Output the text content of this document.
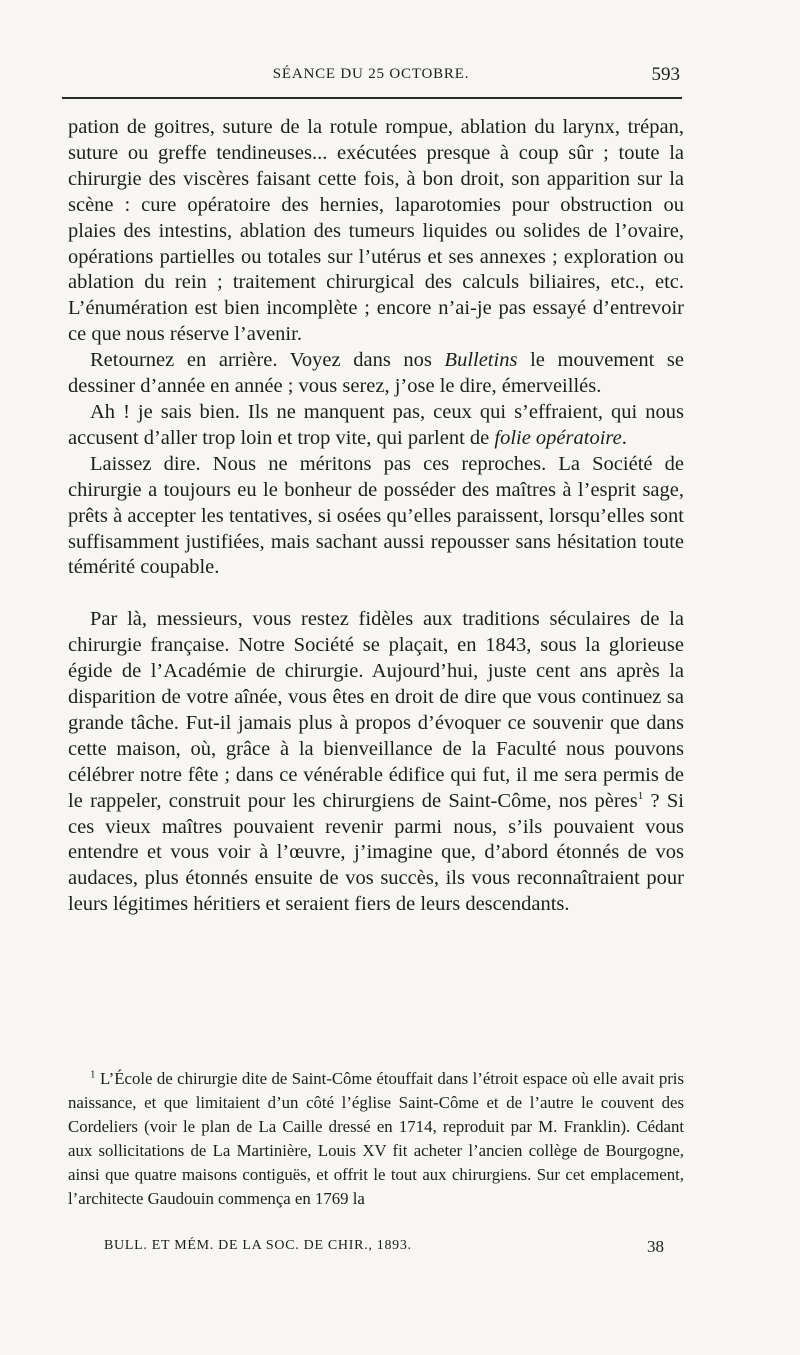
SÉANCE DU 25 OCTOBRE.	593

pation de goitres, suture de la rotule rompue, ablation du larynx, trépan, suture ou greffe tendineuses... exécutées presque à coup sûr ; toute la chirurgie des viscères faisant cette fois, à bon droit, son apparition sur la scène : cure opératoire des hernies, laparotomies pour obstruction ou plaies des intestins, ablation des tumeurs liquides ou solides de l’ovaire, opérations partielles ou totales sur l’utérus et ses annexes ; exploration ou ablation du rein ; traitement chirurgical des calculs biliaires, etc., etc. L’énumération est bien incomplète ; encore n’ai-je pas essayé d’entrevoir ce que nous réserve l’avenir.

Retournez en arrière. Voyez dans nos Bulletins le mouvement se dessiner d’année en année ; vous serez, j’ose le dire, émerveillés.

Ah ! je sais bien. Ils ne manquent pas, ceux qui s’effraient, qui nous accusent d’aller trop loin et trop vite, qui parlent de folie opératoire.

Laissez dire. Nous ne méritons pas ces reproches. La Société de chirurgie a toujours eu le bonheur de posséder des maîtres à l’esprit sage, prêts à accepter les tentatives, si osées qu’elles paraissent, lorsqu’elles sont suffisamment justifiées, mais sachant aussi repousser sans hésitation toute témérité coupable.

Par là, messieurs, vous restez fidèles aux traditions séculaires de la chirurgie française. Notre Société se plaçait, en 1843, sous la glorieuse égide de l’Académie de chirurgie. Aujourd’hui, juste cent ans après la disparition de votre aînée, vous êtes en droit de dire que vous continuez sa grande tâche. Fut-il jamais plus à propos d’évoquer ce souvenir que dans cette maison, où, grâce à la bienveillance de la Faculté nous pouvons célébrer notre fête ; dans ce vénérable édifice qui fut, il me sera permis de le rappeler, construit pour les chirurgiens de Saint-Côme, nos pères$^1$ ? Si ces vieux maîtres pouvaient revenir parmi nous, s’ils pouvaient vous entendre et vous voir à l’œuvre, j’imagine que, d’abord étonnés de vos audaces, plus étonnés ensuite de vos succès, ils vous reconnaîtraient pour leurs légitimes héritiers et seraient fiers de leurs descendants.

$^1$ L’École de chirurgie dite de Saint-Côme étouffait dans l’étroit espace où elle avait pris naissance, et que limitaient d’un côté l’église Saint-Côme et de l’autre le couvent des Cordeliers (voir le plan de La Caille dressé en 1714, reproduit par M. Franklin). Cédant aux sollicitations de La Martinière, Louis XV fit acheter l’ancien collège de Bourgogne, ainsi que quatre maisons contiguës, et offrit le tout aux chirurgiens. Sur cet emplacement, l’architecte Gaudouin commença en 1769 la

BULL. ET MÉM. DE LA SOC. DE CHIR., 1893.	38
